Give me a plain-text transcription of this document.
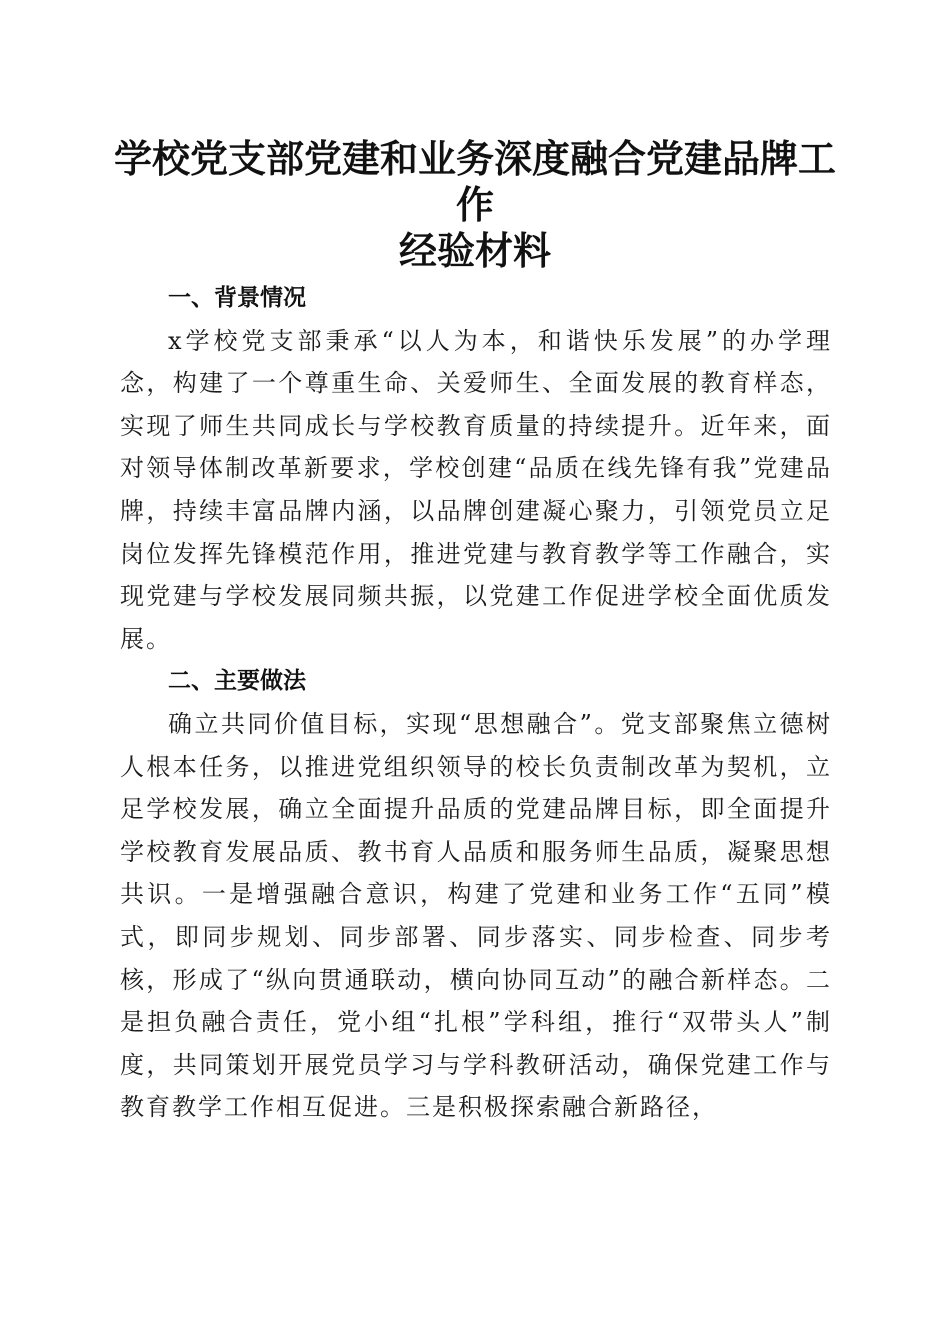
学校党支部党建和业务深度融合党建品牌工作
经验材料
一、背景情况

x学校党支部秉承“以人为本，和谐快乐发展”的办学理念，构建了一个尊重生命、关爱师生、全面发展的教育样态，实现了师生共同成长与学校教育质量的持续提升。近年来，面对领导体制改革新要求，学校创建“品质在线先锋有我”党建品牌，持续丰富品牌内涵，以品牌创建凝心聚力，引领党员立足岗位发挥先锋模范作用，推进党建与教育教学等工作融合，实现党建与学校发展同频共振，以党建工作促进学校全面优质发展。

二、主要做法

确立共同价值目标，实现“思想融合”。党支部聚焦立德树人根本任务，以推进党组织领导的校长负责制改革为契机，立足学校发展，确立全面提升品质的党建品牌目标，即全面提升学校教育发展品质、教书育人品质和服务师生品质，凝聚思想共识。一是增强融合意识，构建了党建和业务工作“五同”模式，即同步规划、同步部署、同步落实、同步检查、同步考核，形成了“纵向贯通联动，横向协同互动”的融合新样态。二是担负融合责任，党小组“扎根”学科组，推行“双带头人”制度，共同策划开展党员学习与学科教研活动，确保党建工作与教育教学工作相互促进。三是积极探索融合新路径，
